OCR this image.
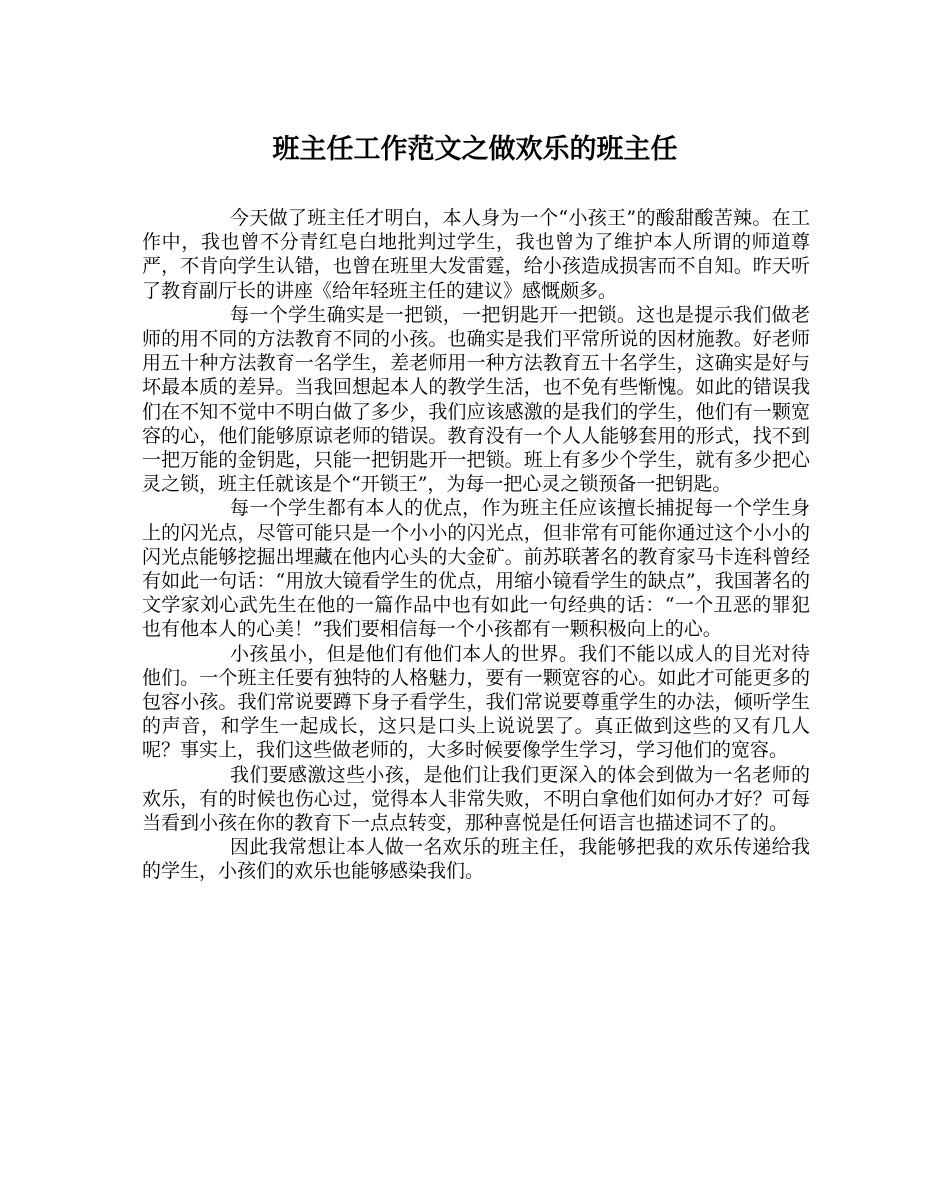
班主任工作范文之做欢乐的班主任

今天做了班主任才明白，本人身为一个“小孩王”的酸甜酸苦辣。在工作中，我也曾不分青红皂白地批判过学生，我也曾为了维护本人所谓的师道尊严，不肯向学生认错，也曾在班里大发雷霆，给小孩造成损害而不自知。昨天听了教育副厅长的讲座《给年轻班主任的建议》感慨颇多。

每一个学生确实是一把锁，一把钥匙开一把锁。这也是提示我们做老师的用不同的方法教育不同的小孩。也确实是我们平常所说的因材施教。好老师用五十种方法教育一名学生，差老师用一种方法教育五十名学生，这确实是好与坏最本质的差异。当我回想起本人的教学生活，也不免有些惭愧。如此的错误我们在不知不觉中不明白做了多少，我们应该感激的是我们的学生，他们有一颗宽容的心，他们能够原谅老师的错误。教育没有一个人人能够套用的形式，找不到一把万能的金钥匙，只能一把钥匙开一把锁。班上有多少个学生，就有多少把心灵之锁，班主任就该是个“开锁王”，为每一把心灵之锁预备一把钥匙。

每一个学生都有本人的优点，作为班主任应该擅长捕捉每一个学生身上的闪光点，尽管可能只是一个小小的闪光点，但非常有可能你通过这个小小的闪光点能够挖掘出埋藏在他内心头的大金矿。前苏联著名的教育家马卡连科曾经有如此一句话：“用放大镜看学生的优点，用缩小镜看学生的缺点”，我国著名的文学家刘心武先生在他的一篇作品中也有如此一句经典的话：“一个丑恶的罪犯也有他本人的心美！”我们要相信每一个小孩都有一颗积极向上的心。

小孩虽小，但是他们有他们本人的世界。我们不能以成人的目光对待他们。一个班主任要有独特的人格魅力，要有一颗宽容的心。如此才可能更多的包容小孩。我们常说要蹲下身子看学生，我们常说要尊重学生的办法，倾听学生的声音，和学生一起成长，这只是口头上说说罢了。真正做到这些的又有几人呢？事实上，我们这些做老师的，大多时候要像学生学习，学习他们的宽容。

我们要感激这些小孩，是他们让我们更深入的体会到做为一名老师的欢乐，有的时候也伤心过，觉得本人非常失败，不明白拿他们如何办才好？可每当看到小孩在你的教育下一点点转变，那种喜悦是任何语言也描述词不了的。

因此我常想让本人做一名欢乐的班主任，我能够把我的欢乐传递给我的学生，小孩们的欢乐也能够感染我们。
